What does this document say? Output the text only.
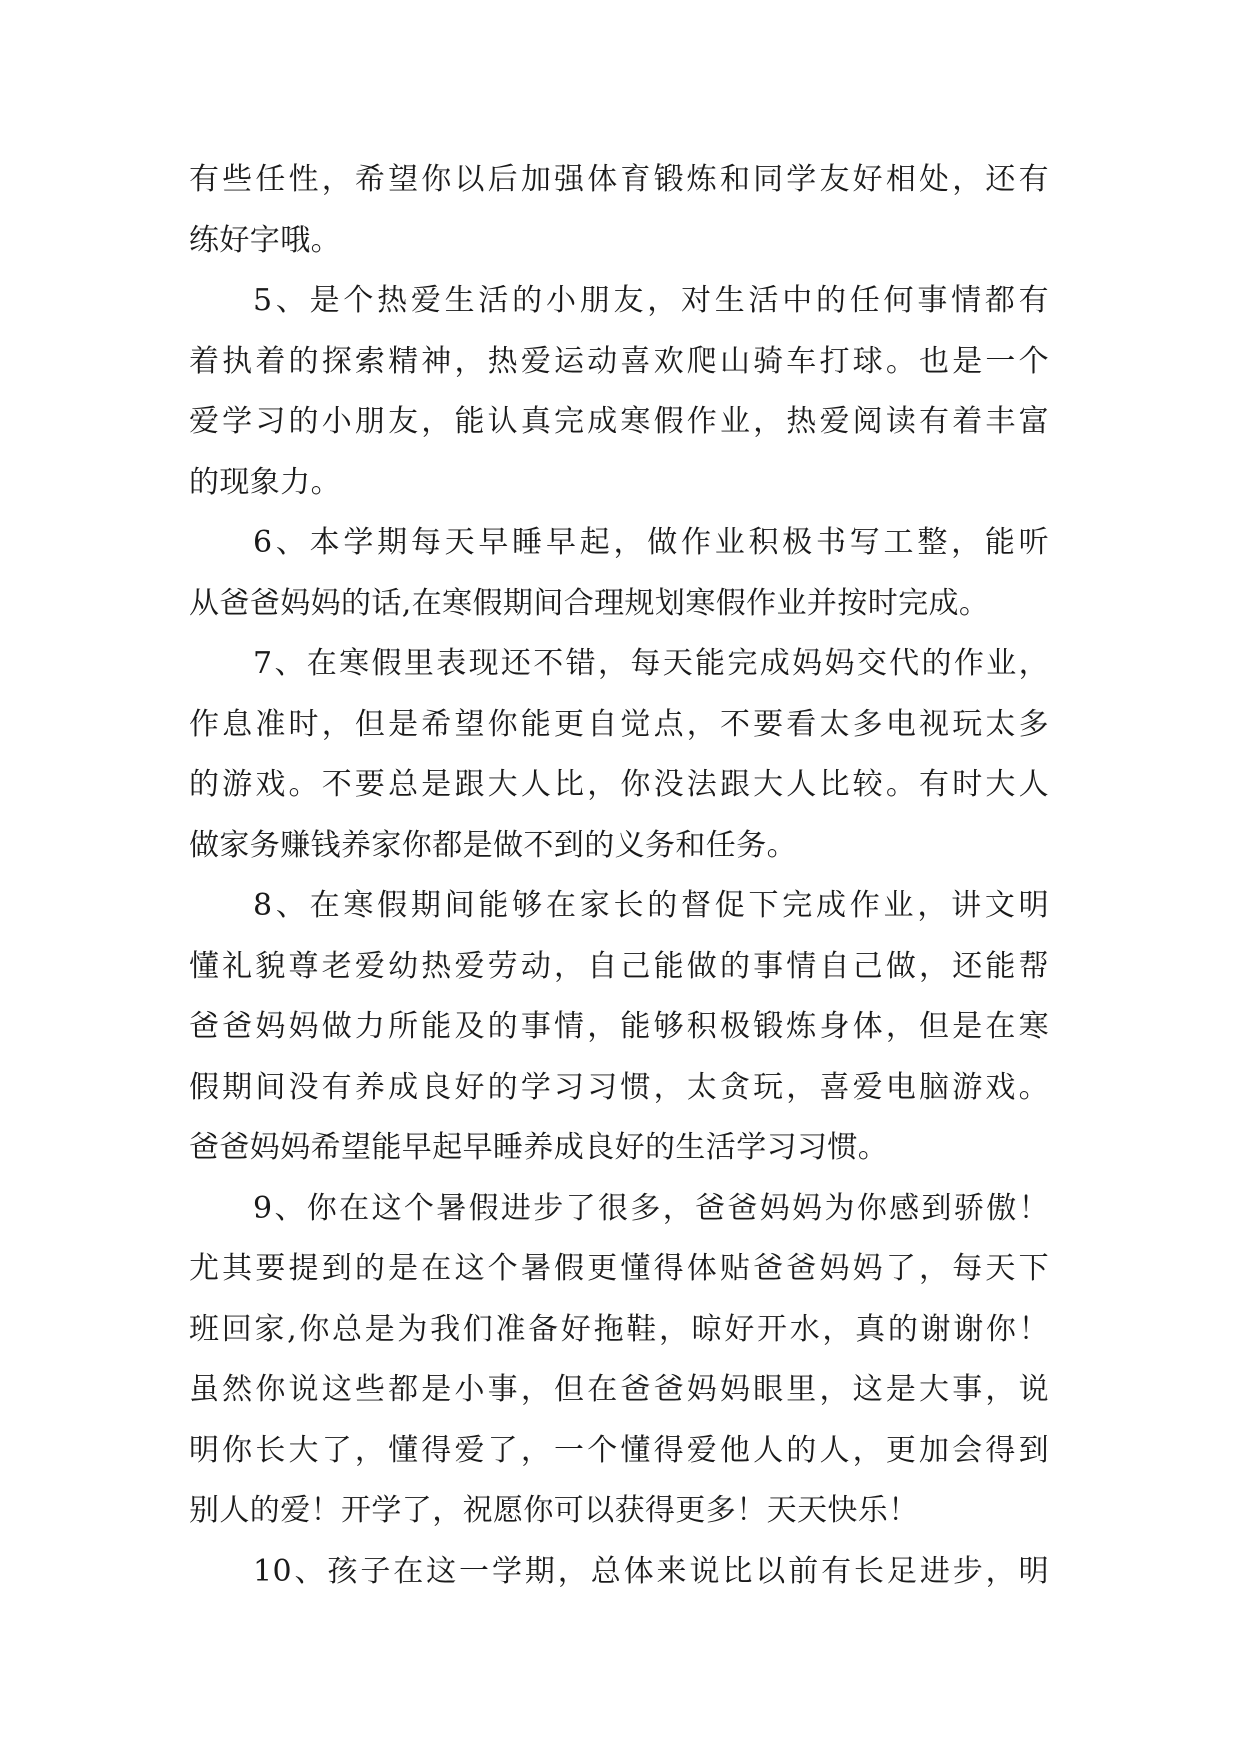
有些任性，希望你以后加强体育锻炼和同学友好相处，还有
练好字哦。
5、是个热爱生活的小朋友，对生活中的任何事情都有
着执着的探索精神，热爱运动喜欢爬山骑车打球。也是一个
爱学习的小朋友，能认真完成寒假作业，热爱阅读有着丰富
的现象力。
6、本学期每天早睡早起，做作业积极书写工整，能听
从爸爸妈妈的话,在寒假期间合理规划寒假作业并按时完成。
7、在寒假里表现还不错，每天能完成妈妈交代的作业，
作息准时，但是希望你能更自觉点，不要看太多电视玩太多
的游戏。不要总是跟大人比，你没法跟大人比较。有时大人
做家务赚钱养家你都是做不到的义务和任务。
8、在寒假期间能够在家长的督促下完成作业，讲文明
懂礼貌尊老爱幼热爱劳动，自己能做的事情自己做，还能帮
爸爸妈妈做力所能及的事情，能够积极锻炼身体，但是在寒
假期间没有养成良好的学习习惯，太贪玩，喜爱电脑游戏。
爸爸妈妈希望能早起早睡养成良好的生活学习习惯。
9、你在这个暑假进步了很多，爸爸妈妈为你感到骄傲！
尤其要提到的是在这个暑假更懂得体贴爸爸妈妈了，每天下
班回家,你总是为我们准备好拖鞋，晾好开水，真的谢谢你！
虽然你说这些都是小事，但在爸爸妈妈眼里，这是大事，说
明你长大了，懂得爱了，一个懂得爱他人的人，更加会得到
别人的爱！开学了，祝愿你可以获得更多！天天快乐！
10、孩子在这一学期，总体来说比以前有长足进步，明
